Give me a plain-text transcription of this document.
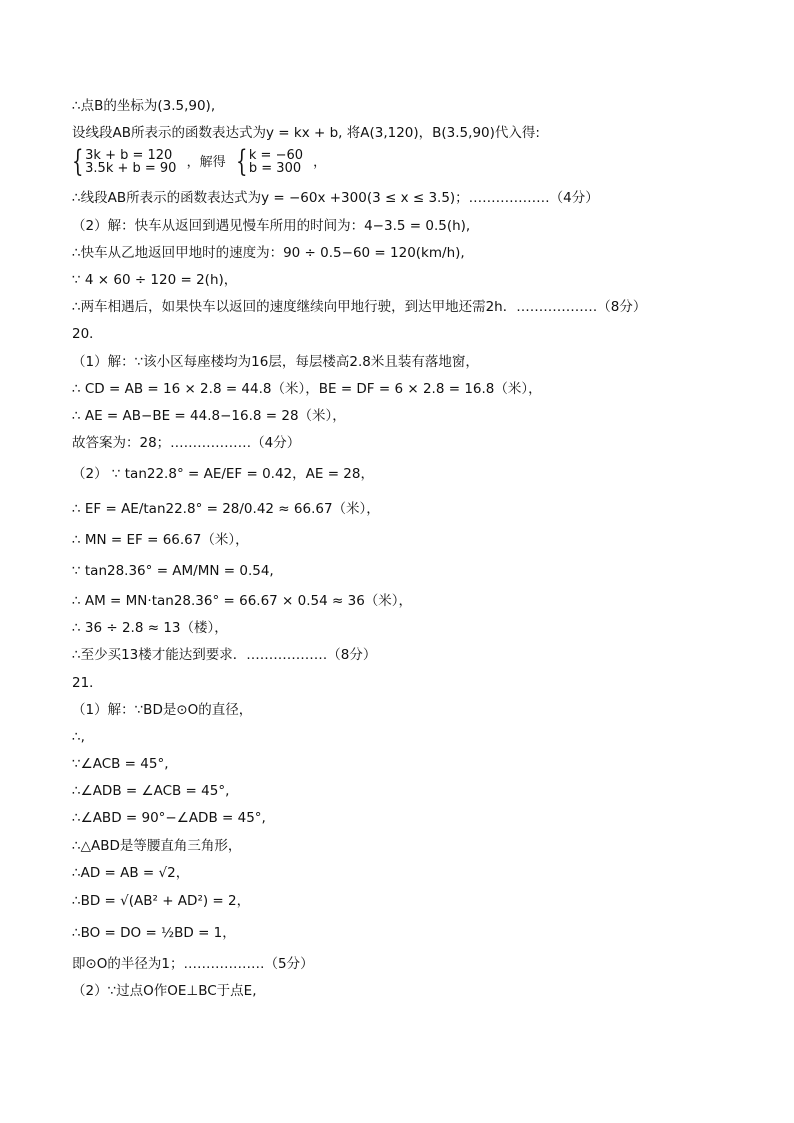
∴点B的坐标为(3.5,90),
设线段AB所表示的函数表达式为y = kx + b, 将A(3,120)，B(3.5,90)代入得:
{ 3k + b = 120
3.5k + b = 90 ，解得 { k = −60
b = 300 ，
∴线段AB所表示的函数表达式为y = −60x +300(3 ≤ x ≤ 3.5)；………………（4分）
（2）解：快车从返回到遇见慢车所用的时间为：4−3.5 = 0.5(h),
∴快车从乙地返回甲地时的速度为：90 ÷ 0.5−60 = 120(km/h),
∵ 4 × 60 ÷ 120 = 2(h)，
∴两车相遇后，如果快车以返回的速度继续向甲地行驶，到达甲地还需2h．………………（8分）
20．
（1）解：∵该小区每座楼均为16层，每层楼高2.8米且装有落地窗，
∴ CD = AB = 16 × 2.8 = 44.8（米），BE = DF = 6 × 2.8 = 16.8（米），
∴ AE = AB−BE = 44.8−16.8 = 28（米），
故答案为：28；………………（4分）
（2） ∵ tan22.8° = AE/EF = 0.42，AE = 28，
∴ EF = AE/tan22.8° = 28/0.42 ≈ 66.67（米），
∴ MN = EF = 66.67（米），
∵ tan28.36° = AM/MN = 0.54,
∴ AM = MN·tan28.36° = 66.67 × 0.54 ≈ 36（米），
∴ 36 ÷ 2.8 ≈ 13（楼），
∴至少买13楼才能达到要求．………………（8分）
21．
（1）解：∵BD是⊙O的直径，
∴,
∵∠ACB = 45°,
∴∠ADB = ∠ACB = 45°,
∴∠ABD = 90°−∠ADB = 45°,
∴△ABD是等腰直角三角形，
∴AD = AB = √2，
∴BD = √(AB² + AD²) = 2，
∴BO = DO = ½BD = 1，
即⊙O的半径为1；………………（5分）
（2）∵过点O作OE⊥BC于点E,
